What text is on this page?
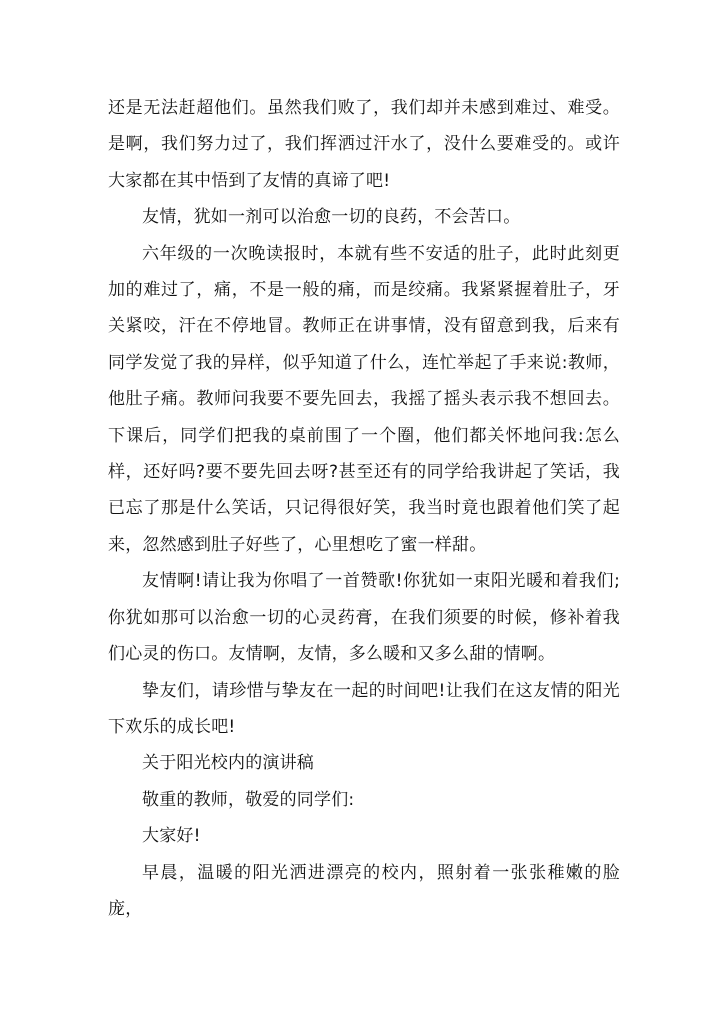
还是无法赶超他们。虽然我们败了，我们却并未感到难过、难受。是啊，我们努力过了，我们挥洒过汗水了，没什么要难受的。或许大家都在其中悟到了友情的真谛了吧!

友情，犹如一剂可以治愈一切的良药，不会苦口。

六年级的一次晚读报时，本就有些不安适的肚子，此时此刻更加的难过了，痛，不是一般的痛，而是绞痛。我紧紧握着肚子，牙关紧咬，汗在不停地冒。教师正在讲事情，没有留意到我，后来有同学发觉了我的异样，似乎知道了什么，连忙举起了手来说:教师，他肚子痛。教师问我要不要先回去，我摇了摇头表示我不想回去。下课后，同学们把我的桌前围了一个圈，他们都关怀地问我:怎么样，还好吗?要不要先回去呀?甚至还有的同学给我讲起了笑话，我已忘了那是什么笑话，只记得很好笑，我当时竟也跟着他们笑了起来，忽然感到肚子好些了，心里想吃了蜜一样甜。

友情啊!请让我为你唱了一首赞歌!你犹如一束阳光暖和着我们;你犹如那可以治愈一切的心灵药膏，在我们须要的时候，修补着我们心灵的伤口。友情啊，友情，多么暖和又多么甜的情啊。

挚友们，请珍惜与挚友在一起的时间吧!让我们在这友情的阳光下欢乐的成长吧!

关于阳光校内的演讲稿

敬重的教师，敬爱的同学们:

大家好!

早晨，温暖的阳光洒进漂亮的校内，照射着一张张稚嫩的脸庞，
